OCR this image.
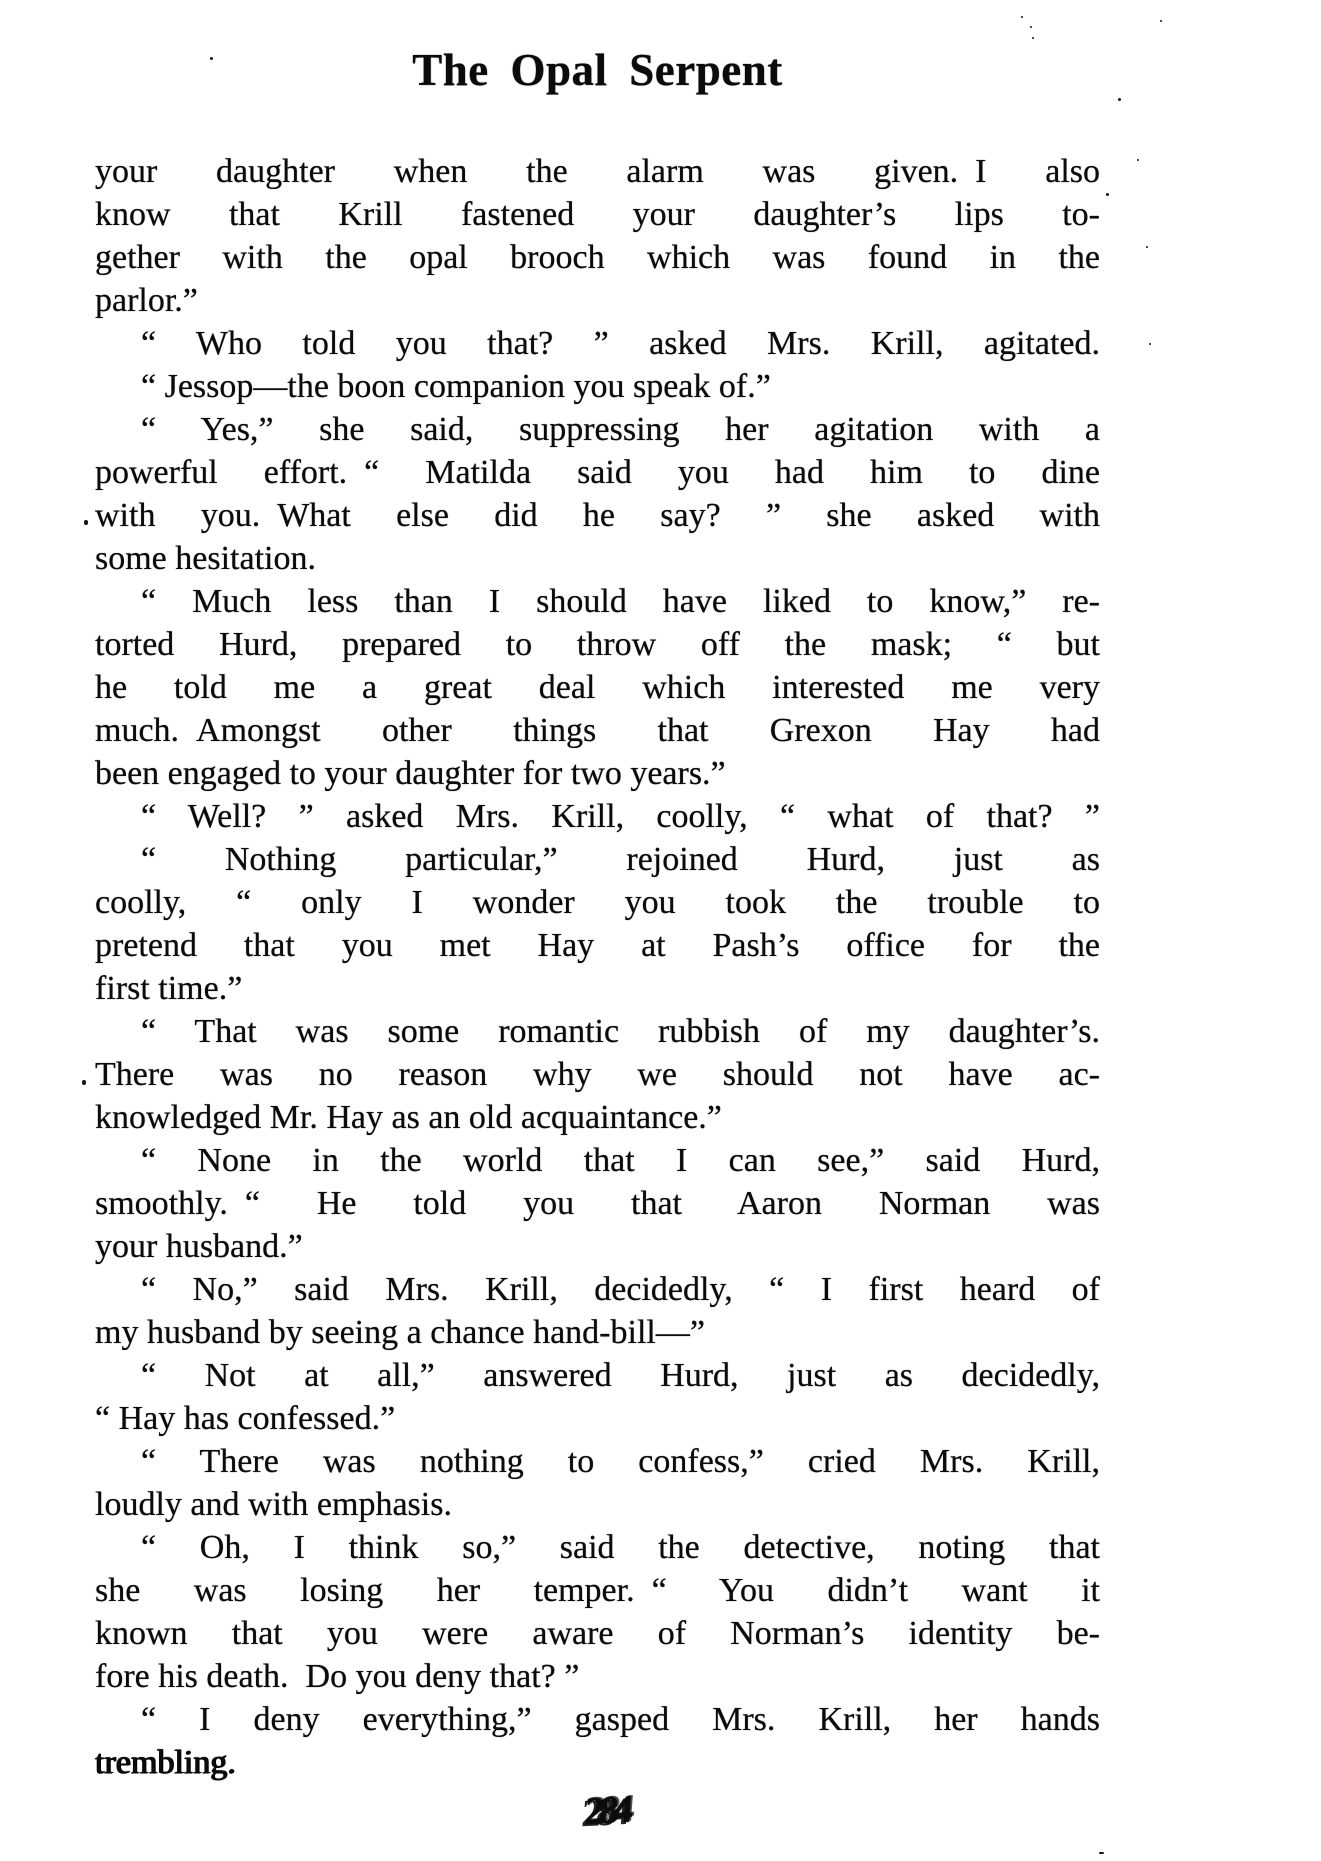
The Opal Serpent
your daughter when the alarm was given. I also
know that Krill fastened your daughter’s lips to-
gether with the opal brooch which was found in the
parlor.”
“ Who told you that? ” asked Mrs. Krill, agitated.
“ Jessop—the boon companion you speak of.”
“ Yes,” she said, suppressing her agitation with a
powerful effort. “ Matilda said you had him to dine
with you. What else did he say? ” she asked with
some hesitation.
“ Much less than I should have liked to know,” re-
torted Hurd, prepared to throw off the mask; “ but
he told me a great deal which interested me very
much. Amongst other things that Grexon Hay had
been engaged to your daughter for two years.”
“ Well? ” asked Mrs. Krill, coolly, “ what of that? ”
“ Nothing particular,” rejoined Hurd, just as
coolly, “ only I wonder you took the trouble to
pretend that you met Hay at Pash’s office for the
first time.”
“ That was some romantic rubbish of my daughter’s.
There was no reason why we should not have ac-
knowledged Mr. Hay as an old acquaintance.”
“ None in the world that I can see,” said Hurd,
smoothly. “ He told you that Aaron Norman was
your husband.”
“ No,” said Mrs. Krill, decidedly, “ I first heard of
my husband by seeing a chance hand-bill—”
“ Not at all,” answered Hurd, just as decidedly,
“ Hay has confessed.”
“ There was nothing to confess,” cried Mrs. Krill,
loudly and with emphasis.
“ Oh, I think so,” said the detective, noting that
she was losing her temper. “ You didn’t want it
known that you were aware of Norman’s identity be-
fore his death. Do you deny that? ”
“ I deny everything,” gasped Mrs. Krill, her hands
trembling.
284
